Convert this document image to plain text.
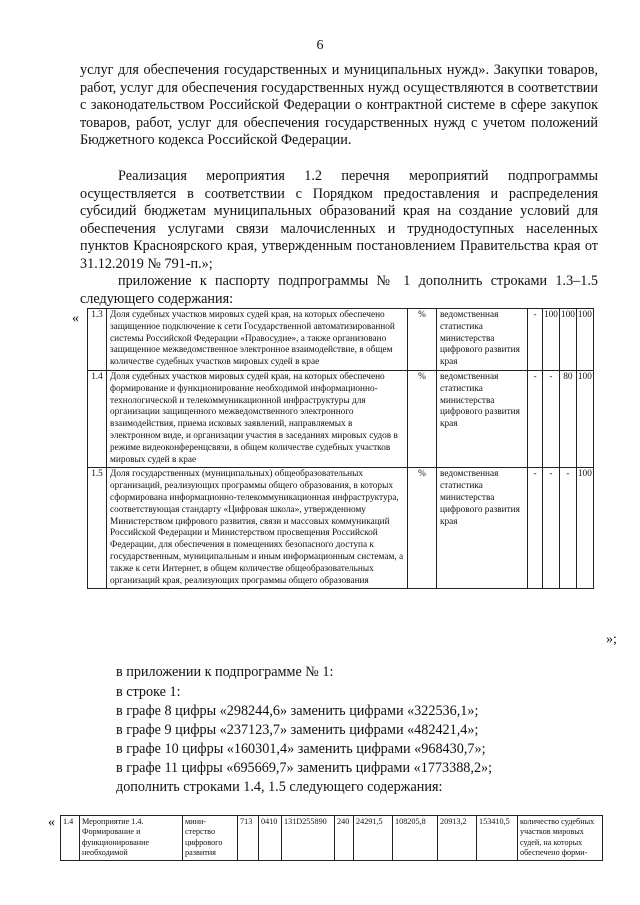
6

услуг для обеспечения государственных и муниципальных нужд». Закупки товаров, работ, услуг для обеспечения государственных нужд осуществляются в соответствии с законодательством Российской Федерации о контрактной системе в сфере закупок товаров, работ, услуг для обеспечения государственных нужд с учетом положений Бюджетного кодекса Российской Федерации.

Реализация мероприятия 1.2 перечня мероприятий подпрограммы осуществляется в соответствии с Порядком предоставления и распределения субсидий бюджетам муниципальных образований края на создание условий для обеспечения услугами связи малочисленных и труднодоступных населенных пунктов Красноярского края, утвержденным постановлением Правительства края от 31.12.2019 № 791-п.»;

приложение к паспорту подпрограммы № 1 дополнить строками 1.3–1.5 следующего содержания:

« 1.3	Доля судебных участков мировых судей края, на которых обеспечено защищенное подключение к сети Государственной автоматизированной системы Российской Федерации «Правосудие», а также организовано защищенное межведомственное электронное взаимодействие, в общем количестве судебных участков мировых судей в крае	%	ведомственная статистика министерства цифрового развития края	-	100	100	100
1.4	Доля судебных участков мировых судей края, на которых обеспечено формирование и функционирование необходимой информационно-технологической и телекоммуникационной инфраструктуры для организации защищенного межведомственного электронного взаимодействия, приема исковых заявлений, направляемых в электронном виде, и организации участия в заседаниях мировых судов в режиме видеоконференцсвязи, в общем количестве судебных участков мировых судей в крае	%	ведомственная статистика министерства цифрового развития края	-	-	80	100
1.5	Доля государственных (муниципальных) общеобразовательных организаций, реализующих программы общего образования, в которых сформирована информационно-телекоммуникационная инфраструктура, соответствующая стандарту «Цифровая школа», утвержденному Министерством цифрового развития, связи и массовых коммуникаций Российской Федерации и Министерством просвещения Российской Федерации, для обеспечения в помещениях безопасного доступа к государственным, муниципальным и иным информационным системам, а также к сети Интернет, в общем количестве общеобразовательных организаций края, реализующих программы общего образования	%	ведомственная статистика министерства цифрового развития края	-	-	-	100
»;

в приложении к подпрограмме № 1:

в строке 1:

в графе 8 цифры «298244,6» заменить цифрами «322536,1»;

в графе 9 цифры «237123,7» заменить цифрами «482421,4»;

в графе 10 цифры «160301,4» заменить цифрами «968430,7»;

в графе 11 цифры «695669,7» заменить цифрами «1773388,2»;

дополнить строками 1.4, 1.5 следующего содержания:

« 1.4	Мероприятие 1.4. Формирование и функционирование необходимой	мини-стерство цифрового развития	713	0410	131D255890	240	24291,5	108205,8	20913,2	153410,5	количество судебных участков мировых судей, на которых обеспечено форми-
